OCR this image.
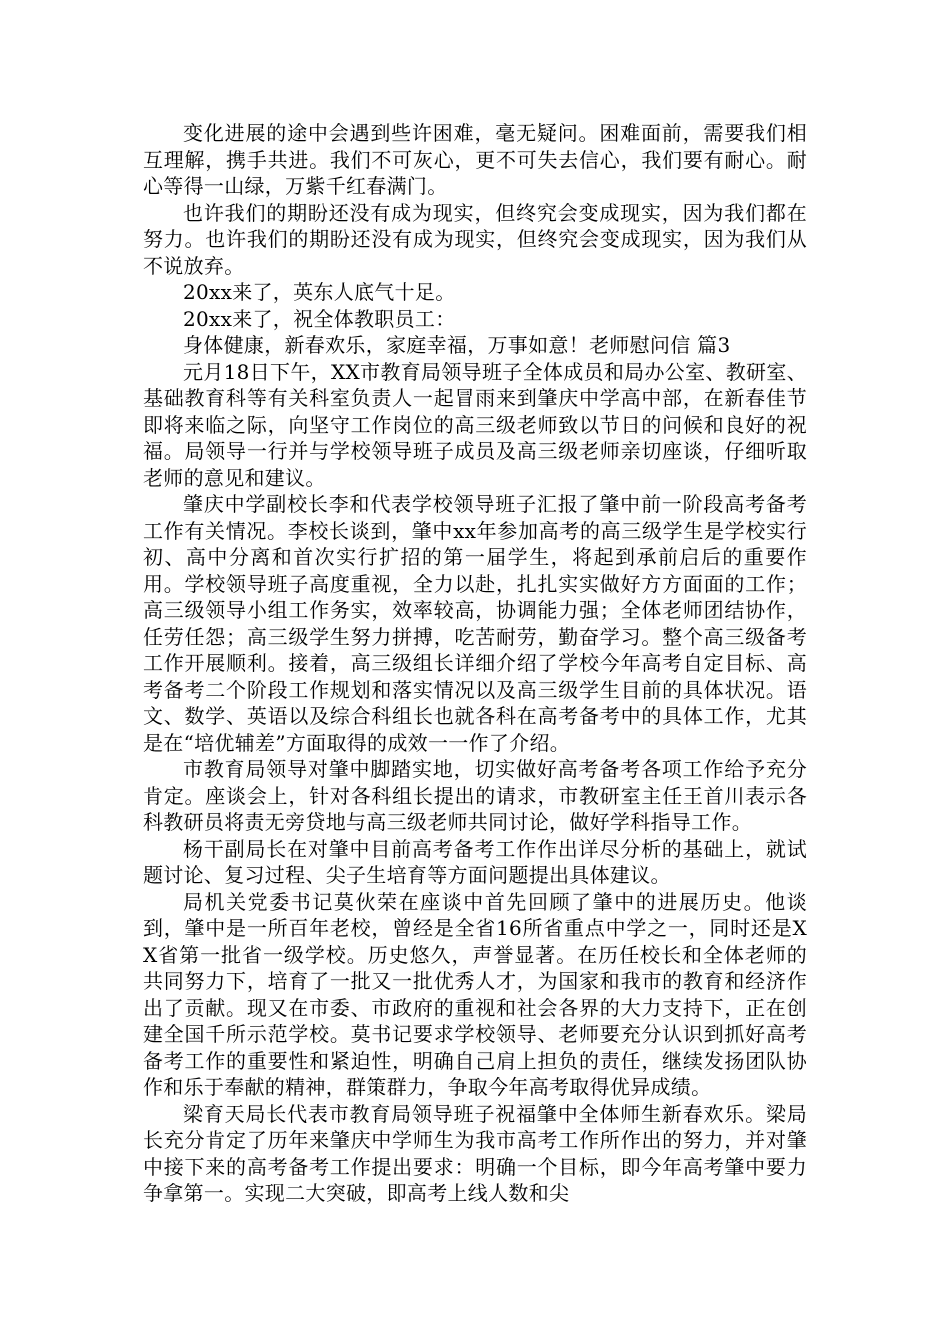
变化进展的途中会遇到些许困难，毫无疑问。困难面前，需要我们相互理解，携手共进。我们不可灰心，更不可失去信心，我们要有耐心。耐心等得一山绿，万紫千红春满门。

也许我们的期盼还没有成为现实，但终究会变成现实，因为我们都在努力。也许我们的期盼还没有成为现实，但终究会变成现实，因为我们从不说放弃。

20xx来了，英东人底气十足。

20xx来了，祝全体教职员工：

身体健康，新春欢乐，家庭幸福，万事如意！老师慰问信 篇3

元月18日下午，XX市教育局领导班子全体成员和局办公室、教研室、基础教育科等有关科室负责人一起冒雨来到肇庆中学高中部，在新春佳节即将来临之际，向坚守工作岗位的高三级老师致以节日的问候和良好的祝福。局领导一行并与学校领导班子成员及高三级老师亲切座谈，仔细听取老师的意见和建议。

肇庆中学副校长李和代表学校领导班子汇报了肇中前一阶段高考备考工作有关情况。李校长谈到，肇中xx年参加高考的高三级学生是学校实行初、高中分离和首次实行扩招的第一届学生，将起到承前启后的重要作用。学校领导班子高度重视，全力以赴，扎扎实实做好方方面面的工作；高三级领导小组工作务实，效率较高，协调能力强；全体老师团结协作，任劳任怨；高三级学生努力拼搏，吃苦耐劳，勤奋学习。整个高三级备考工作开展顺利。接着，高三级组长详细介绍了学校今年高考自定目标、高考备考二个阶段工作规划和落实情况以及高三级学生目前的具体状况。语文、数学、英语以及综合科组长也就各科在高考备考中的具体工作，尤其是在“培优辅差”方面取得的成效一一作了介绍。

市教育局领导对肇中脚踏实地，切实做好高考备考各项工作给予充分肯定。座谈会上，针对各科组长提出的请求，市教研室主任王首川表示各科教研员将责无旁贷地与高三级老师共同讨论，做好学科指导工作。

杨干副局长在对肇中目前高考备考工作作出详尽分析的基础上，就试题讨论、复习过程、尖子生培育等方面问题提出具体建议。

局机关党委书记莫伙荣在座谈中首先回顾了肇中的进展历史。他谈到，肇中是一所百年老校，曾经是全省16所省重点中学之一，同时还是XX省第一批省一级学校。历史悠久，声誉显著。在历任校长和全体老师的共同努力下，培育了一批又一批优秀人才，为国家和我市的教育和经济作出了贡献。现又在市委、市政府的重视和社会各界的大力支持下，正在创建全国千所示范学校。莫书记要求学校领导、老师要充分认识到抓好高考备考工作的重要性和紧迫性，明确自己肩上担负的责任，继续发扬团队协作和乐于奉献的精神，群策群力，争取今年高考取得优异成绩。

梁育天局长代表市教育局领导班子祝福肇中全体师生新春欢乐。梁局长充分肯定了历年来肇庆中学师生为我市高考工作所作出的努力，并对肇中接下来的高考备考工作提出要求：明确一个目标，即今年高考肇中要力争拿第一。实现二大突破，即高考上线人数和尖
